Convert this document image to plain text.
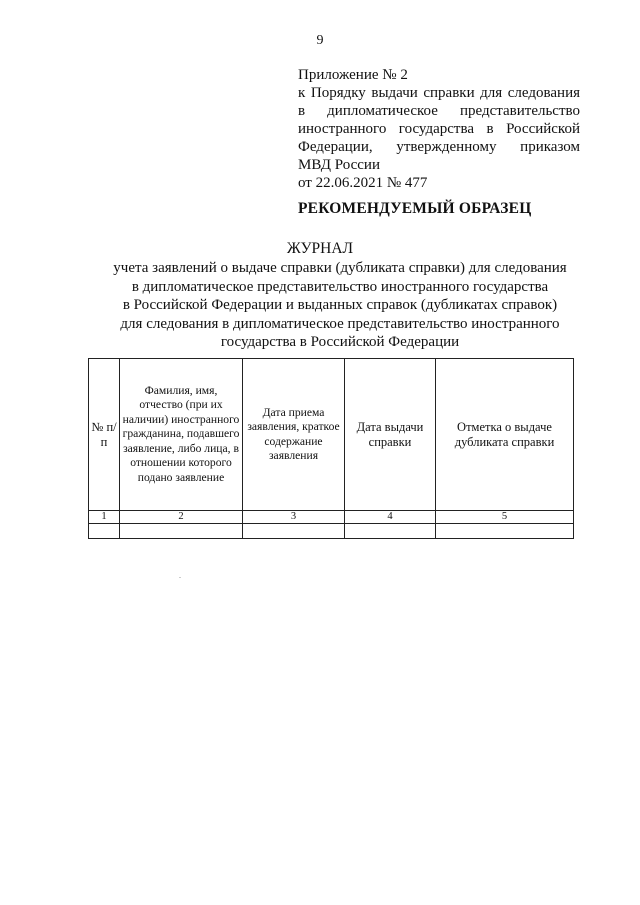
9
Приложение № 2
к Порядку выдачи справки для следования
в дипломатическое представительство
иностранного государства в Российской
Федерации, утвержденному приказом
МВД России
от 22.06.2021 № 477
РЕКОМЕНДУЕМЫЙ ОБРАЗЕЦ
ЖУРНАЛ
учета заявлений о выдаче справки (дубликата справки) для следования
в дипломатическое представительство иностранного государства
в Российской Федерации и выданных справок (дубликатах справок)
для следования в дипломатическое представительство иностранного
государства в Российской Федерации
№ п/п	Фамилия, имя, отчество (при их наличии) иностранного гражданина, подавшего заявление, либо лица, в отношении которого подано заявление	Дата приема заявления, краткое содержание заявления	Дата выдачи справки	Отметка о выдаче дубликата справки
1	2	3	4	5
